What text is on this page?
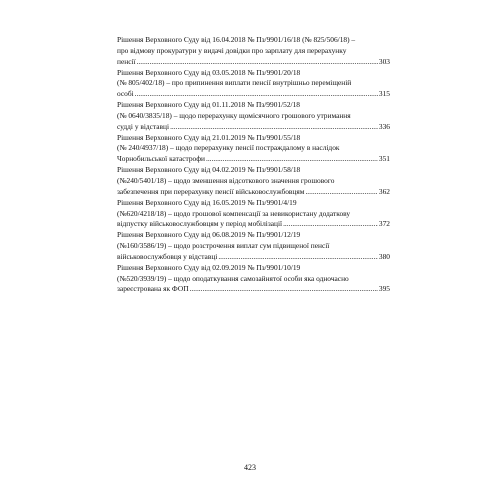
Рішення Верховного Суду від 16.04.2018 № Пз/9901/16/18 (№ 825/506/18) –
про відмову прокуратури у видачі довідки про зарплату для перерахунку
пенсії .....	303
Рішення Верховного Суду від 03.05.2018 № Пз/9901/20/18
(№ 805/402/18) – про припинення виплати пенсії внутрішньо переміщеній
особі .....	315
Рішення Верховного Суду від 01.11.2018 № Пз/9901/52/18
(№ 0640/3835/18) – щодо перерахунку щомісячного грошового утримання
судді у відставці .....	336
Рішення Верховного Суду від 21.01.2019 № Пз/9901/55/18
(№ 240/4937/18) – щодо перерахунку пенсії постраждалому в наслідок
Чорнобильської катастрофи .....	351
Рішення Верховного Суду від 04.02.2019 № Пз/9901/58/18
(№240/5401/18) – щодо зменшення відсоткового значення грошового
забезпечення при перерахунку пенсії військовослужбовцям .....	362
Рішення Верховного Суду від 16.05.2019 № Пз/9901/4/19
(№620/4218/18) – щодо грошової компенсації за невикористану додаткову
відпустку військовослужбовцям у період мобілізації .....	372
Рішення Верховного Суду від 06.08.2019 № Пз/9901/12/19
(№160/3586/19) – щодо розстрочення виплат сум підвищеної пенсії
військовослужбовця у відставці .....	380
Рішення Верховного Суду від 02.09.2019 № Пз/9901/10/19
(№520/3939/19) – щодо оподаткування самозайнятої особи яка одночасно
зареєстрована як ФОП .....	395
423
